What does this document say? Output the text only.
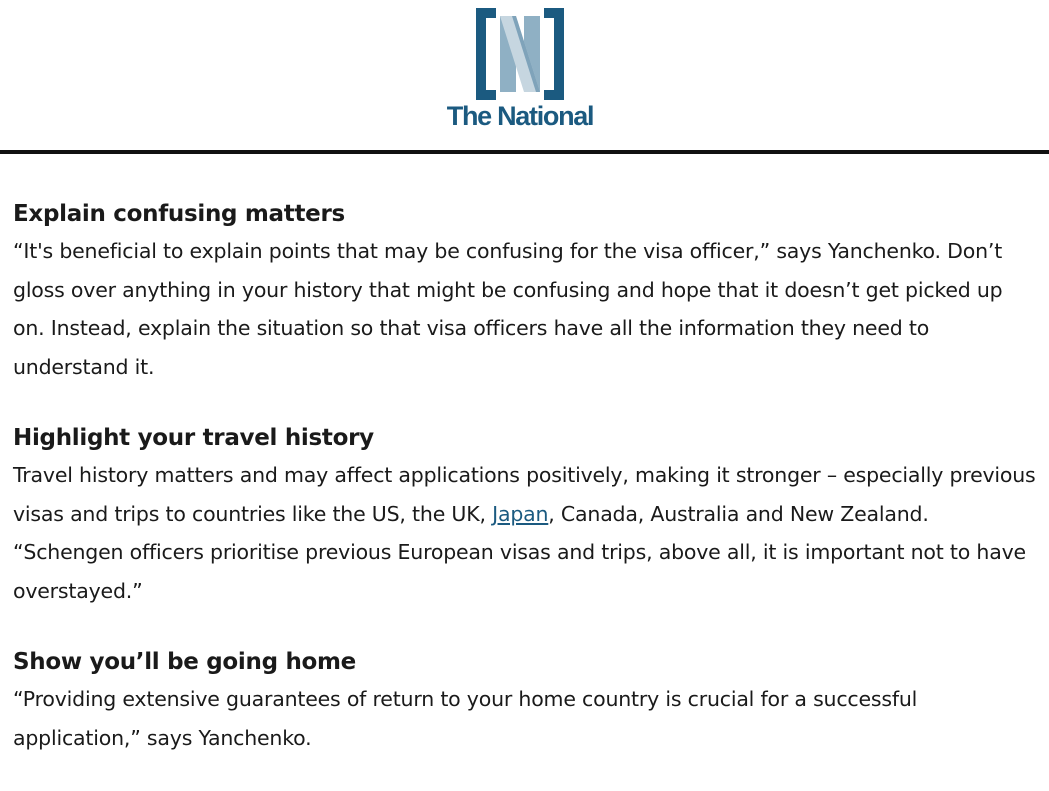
The National
Explain confusing matters

“It's beneficial to explain points that may be confusing for the visa officer,” says Yanchenko. Don’t gloss over anything in your history that might be confusing and hope that it doesn’t get picked up on. Instead, explain the situation so that visa officers have all the information they need to understand it.

Highlight your travel history

Travel history matters and may affect applications positively, making it stronger – especially previous visas and trips to countries like the US, the UK, Japan, Canada, Australia and New Zealand. “Schengen officers prioritise previous European visas and trips, above all, it is important not to have overstayed.”

Show you’ll be going home

“Providing extensive guarantees of return to your home country is crucial for a successful application,” says Yanchenko.
